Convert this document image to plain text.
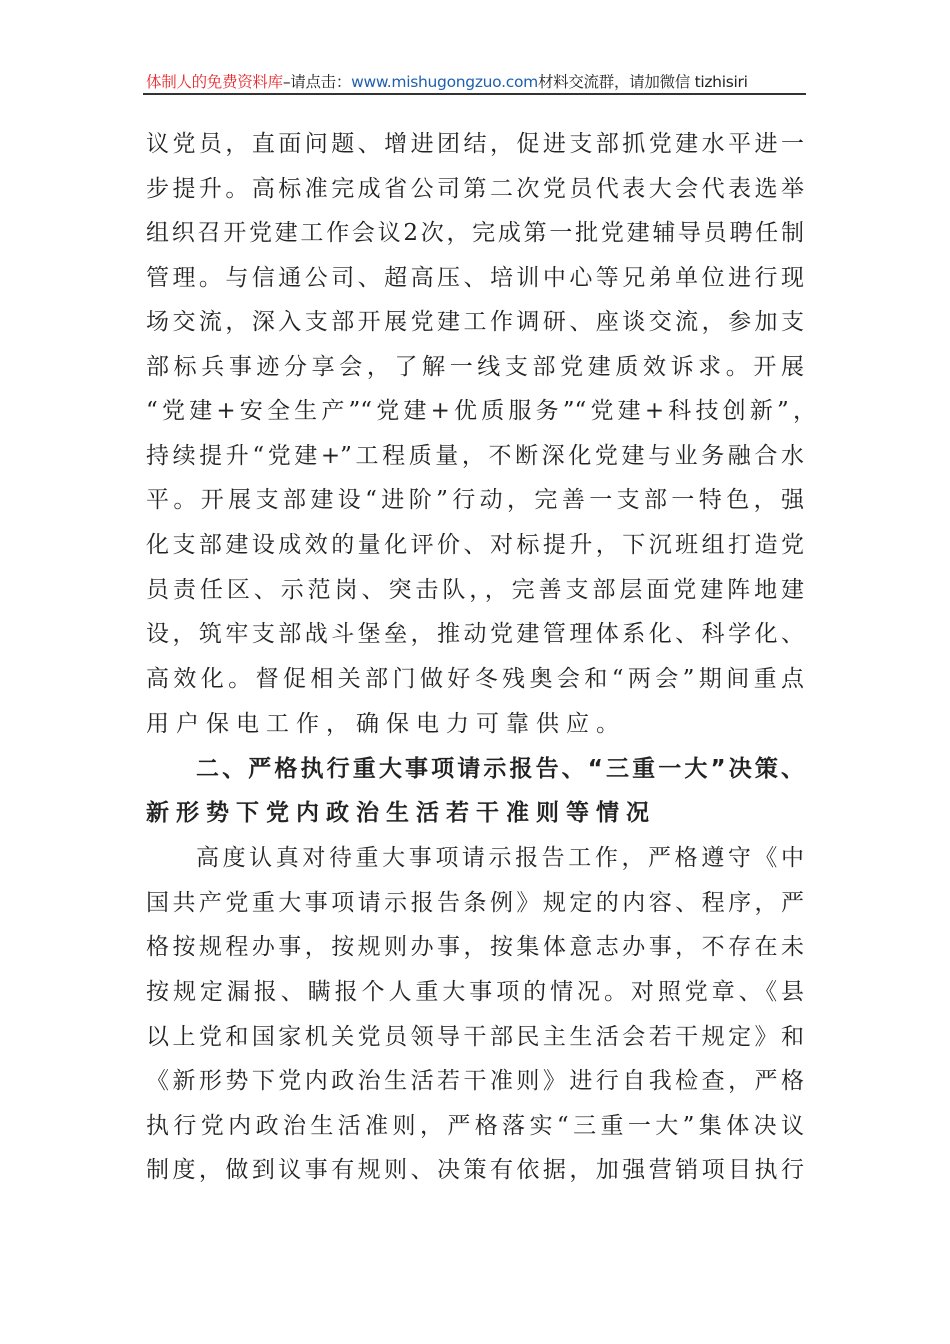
体制人的免费资料库–请点击：www.mishugongzuo.com材料交流群，请加微信 tizhisiri
议党员，直面问题、增进团结，促进支部抓党建水平进一
步提升。高标准完成省公司第二次党员代表大会代表选举
组织召开党建工作会议2次，完成第一批党建辅导员聘任制
管理。与信通公司、超高压、培训中心等兄弟单位进行现
场交流，深入支部开展党建工作调研、座谈交流，参加支
部标兵事迹分享会，了解一线支部党建质效诉求。开展
“党建+安全生产”“党建+优质服务”“党建+科技创新”，
持续提升“党建+”工程质量，不断深化党建与业务融合水
平。开展支部建设“进阶”行动，完善一支部一特色，强
化支部建设成效的量化评价、对标提升，下沉班组打造党
员责任区、示范岗、突击队，，完善支部层面党建阵地建
设，筑牢支部战斗堡垒，推动党建管理体系化、科学化、
高效化。督促相关部门做好冬残奥会和“两会”期间重点
用户保电工作，确保电力可靠供应。
二、严格执行重大事项请示报告、“三重一大”决策、
新形势下党内政治生活若干准则等情况
高度认真对待重大事项请示报告工作，严格遵守《中
国共产党重大事项请示报告条例》规定的内容、程序，严
格按规程办事，按规则办事，按集体意志办事，不存在未
按规定漏报、瞒报个人重大事项的情况。对照党章、《县
以上党和国家机关党员领导干部民主生活会若干规定》和
《新形势下党内政治生活若干准则》进行自我检查，严格
执行党内政治生活准则，严格落实“三重一大”集体决议
制度，做到议事有规则、决策有依据，加强营销项目执行
